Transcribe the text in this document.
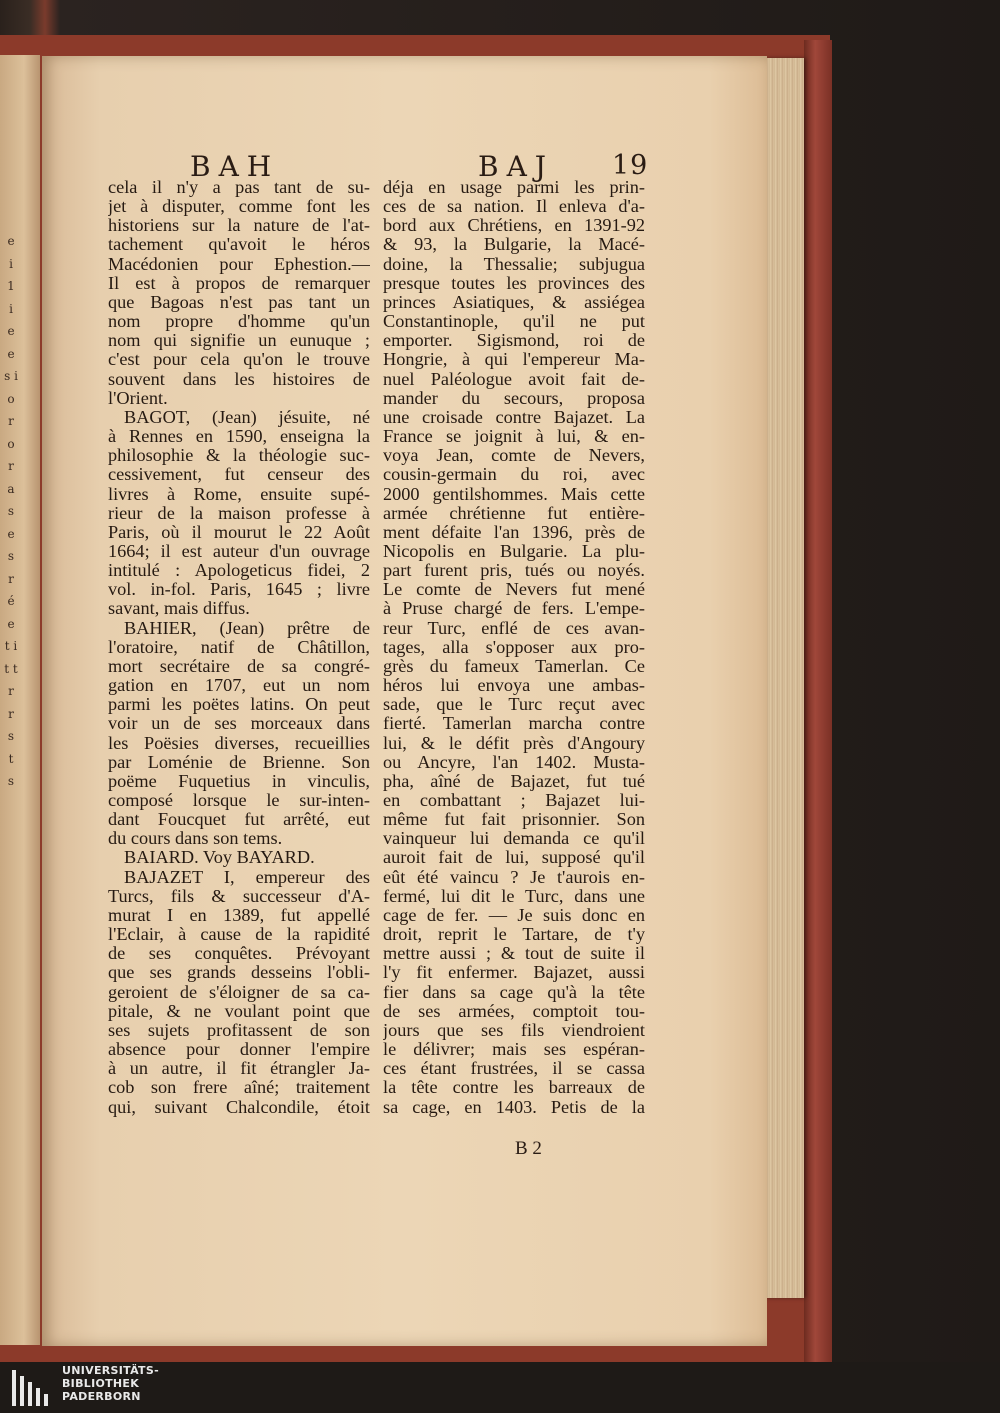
e i 1 i e e s i o r o r a s e s r é e t i t t r r s t s
BAH	BAJ 19
cela il n'y a pas tant de su-
jet à disputer, comme font les
historiens sur la nature de l'at-
tachement qu'avoit le héros
Macédonien pour Ephestion.—
Il est à propos de remarquer
que Bagoas n'est pas tant un
nom propre d'homme qu'un
nom qui signifie un eunuque ;
c'est pour cela qu'on le trouve
souvent dans les histoires de
l'Orient.
BAGOT, (Jean) jésuite, né
à Rennes en 1590, enseigna la
philosophie & la théologie suc-
cessivement, fut censeur des
livres à Rome, ensuite supé-
rieur de la maison professe à
Paris, où il mourut le 22 Août
1664; il est auteur d'un ouvrage
intitulé : Apologeticus fidei, 2
vol. in-fol. Paris, 1645 ; livre
savant, mais diffus.
BAHIER, (Jean) prêtre de
l'oratoire, natif de Châtillon,
mort secrétaire de sa congré-
gation en 1707, eut un nom
parmi les poëtes latins. On peut
voir un de ses morceaux dans
les Poësies diverses, recueillies
par Loménie de Brienne. Son
poëme Fuquetius in vinculis,
composé lorsque le sur-inten-
dant Foucquet fut arrêté, eut
du cours dans son tems.
BAIARD. Voy BAYARD.
BAJAZET I, empereur des
Turcs, fils & successeur d'A-
murat I en 1389, fut appellé
l'Eclair, à cause de la rapidité
de ses conquêtes. Prévoyant
que ses grands desseins l'obli-
geroient de s'éloigner de sa ca-
pitale, & ne voulant point que
ses sujets profitassent de son
absence pour donner l'empire
à un autre, il fit étrangler Ja-
cob son frere aîné; traitement
qui, suivant Chalcondile, étoit
déja en usage parmi les prin-
ces de sa nation. Il enleva d'a-
bord aux Chrétiens, en 1391-92
& 93, la Bulgarie, la Macé-
doine, la Thessalie; subjugua
presque toutes les provinces des
princes Asiatiques, & assiégea
Constantinople, qu'il ne put
emporter. Sigismond, roi de
Hongrie, à qui l'empereur Ma-
nuel Paléologue avoit fait de-
mander du secours, proposa
une croisade contre Bajazet. La
France se joignit à lui, & en-
voya Jean, comte de Nevers,
cousin-germain du roi, avec
2000 gentilshommes. Mais cette
armée chrétienne fut entière-
ment défaite l'an 1396, près de
Nicopolis en Bulgarie. La plu-
part furent pris, tués ou noyés.
Le comte de Nevers fut mené
à Pruse chargé de fers. L'empe-
reur Turc, enflé de ces avan-
tages, alla s'opposer aux pro-
grès du fameux Tamerlan. Ce
héros lui envoya une ambas-
sade, que le Turc reçut avec
fierté. Tamerlan marcha contre
lui, & le défit près d'Angoury
ou Ancyre, l'an 1402. Musta-
pha, aîné de Bajazet, fut tué
en combattant ; Bajazet lui-
même fut fait prisonnier. Son
vainqueur lui demanda ce qu'il
auroit fait de lui, supposé qu'il
eût été vaincu ? Je t'aurois en-
fermé, lui dit le Turc, dans une
cage de fer. — Je suis donc en
droit, reprit le Tartare, de t'y
mettre aussi ; & tout de suite il
l'y fit enfermer. Bajazet, aussi
fier dans sa cage qu'à la tête
de ses armées, comptoit tou-
jours que ses fils viendroient
le délivrer; mais ses espéran-
ces étant frustrées, il se cassa
la tête contre les barreaux de
sa cage, en 1403. Petis de la
B 2
UNIVERSITÄTS-
BIBLIOTHEK
PADERBORN
